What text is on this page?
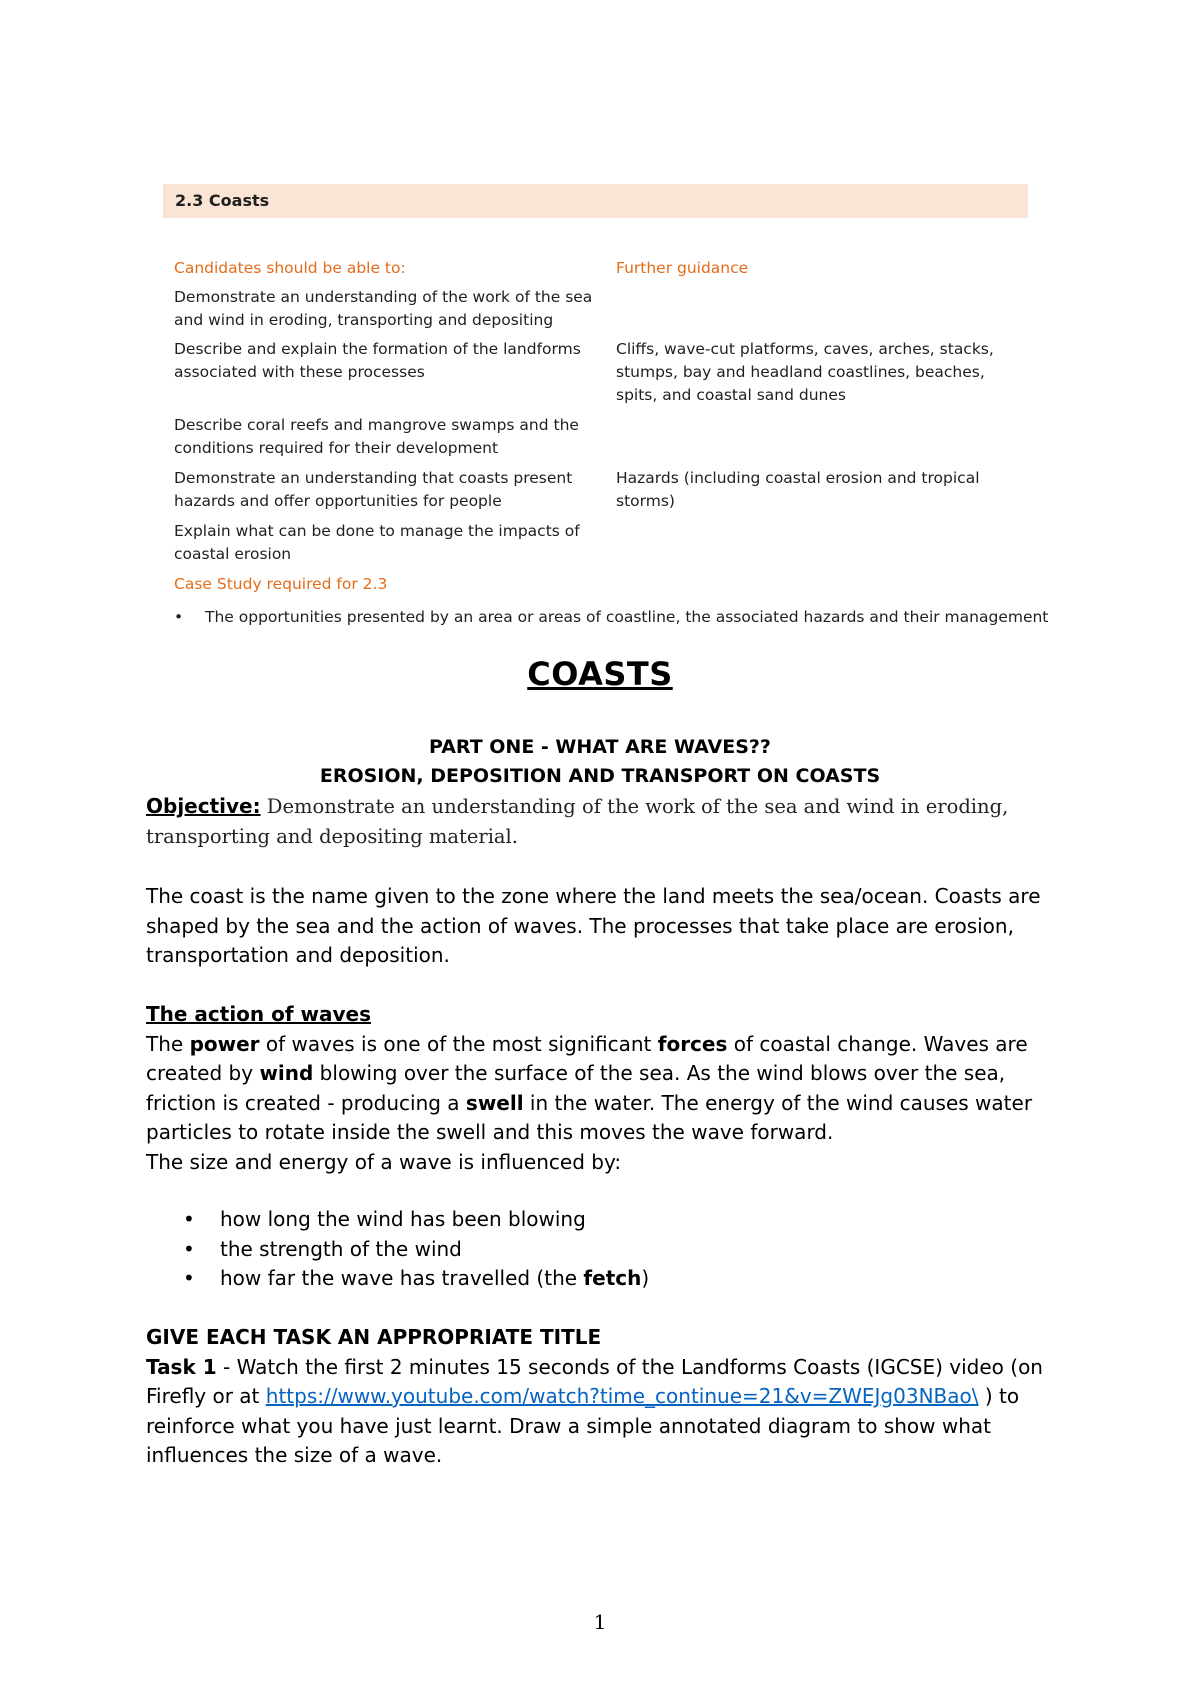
2.3 Coasts
Candidates should be able to:	Further guidance
Demonstrate an understanding of the work of the sea and wind in eroding, transporting and depositing
Describe and explain the formation of the landforms associated with these processes
Cliffs, wave-cut platforms, caves, arches, stacks, stumps, bay and headland coastlines, beaches, spits, and coastal sand dunes
Describe coral reefs and mangrove swamps and the conditions required for their development
Demonstrate an understanding that coasts present hazards and offer opportunities for people
Hazards (including coastal erosion and tropical storms)
Explain what can be done to manage the impacts of coastal erosion
Case Study required for 2.3
• The opportunities presented by an area or areas of coastline, the associated hazards and their management
COASTS
PART ONE - WHAT ARE WAVES??
EROSION, DEPOSITION AND TRANSPORT ON COASTS
Objective: Demonstrate an understanding of the work of the sea and wind in eroding, transporting and depositing material.
The coast is the name given to the zone where the land meets the sea/ocean. Coasts are shaped by the sea and the action of waves. The processes that take place are erosion, transportation and deposition.
The action of waves
The power of waves is one of the most significant forces of coastal change. Waves are created by wind blowing over the surface of the sea. As the wind blows over the sea, friction is created - producing a swell in the water. The energy of the wind causes water particles to rotate inside the swell and this moves the wave forward.
The size and energy of a wave is influenced by:
• how long the wind has been blowing
• the strength of the wind
• how far the wave has travelled (the fetch)
GIVE EACH TASK AN APPROPRIATE TITLE
Task 1 - Watch the first 2 minutes 15 seconds of the Landforms Coasts (IGCSE) video (on Firefly or at https://www.youtube.com/watch?time_continue=21&v=ZWEJg03NBao\ ) to reinforce what you have just learnt. Draw a simple annotated diagram to show what influences the size of a wave.
1
